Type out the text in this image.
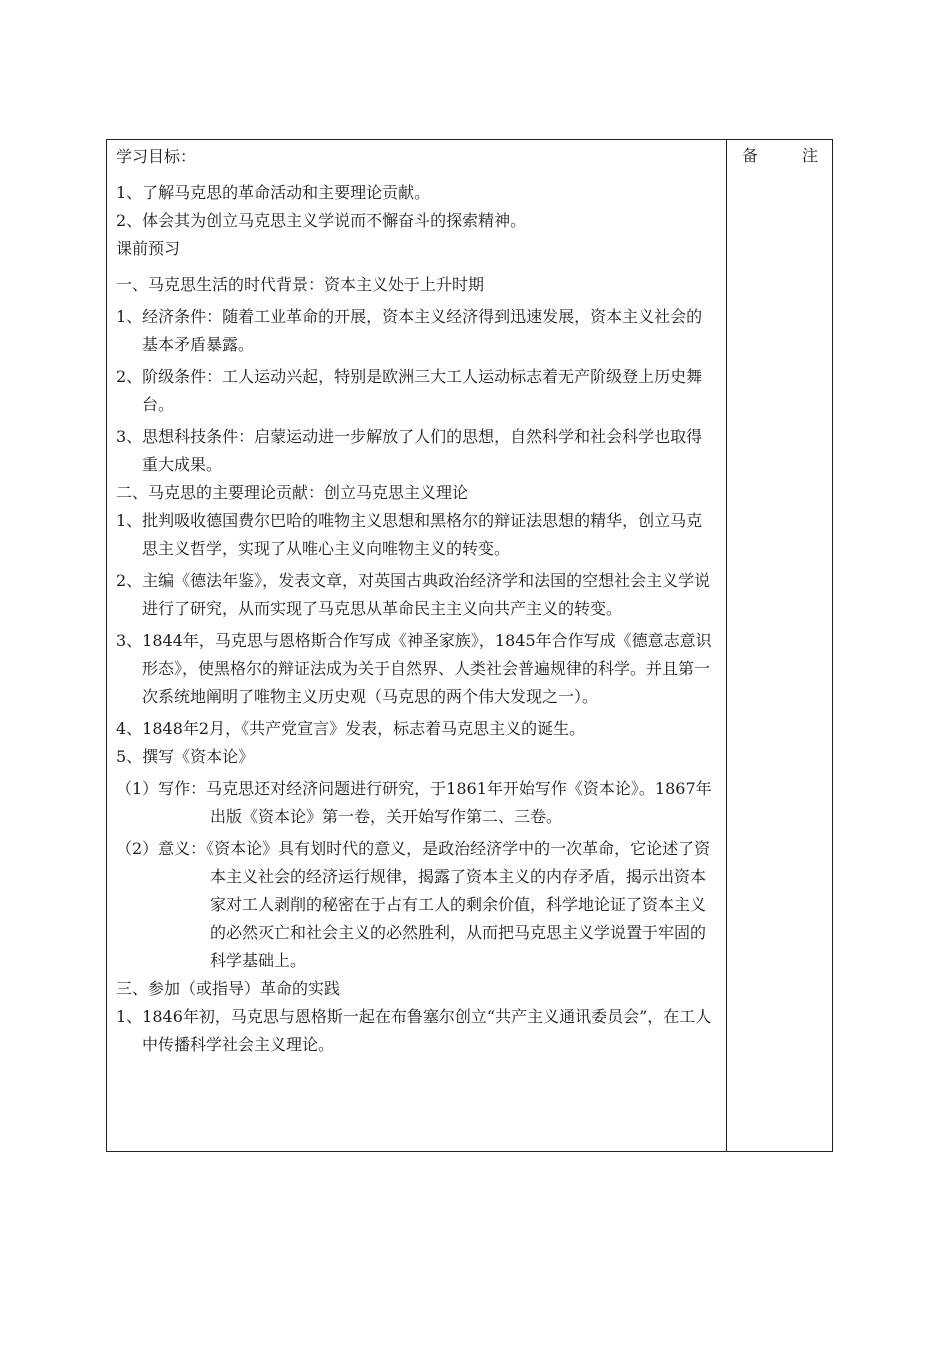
备　注
学习目标：
1、了解马克思的革命活动和主要理论贡献。
2、体会其为创立马克思主义学说而不懈奋斗的探索精神。
课前预习
一、马克思生活的时代背景：资本主义处于上升时期
1、经济条件：随着工业革命的开展，资本主义经济得到迅速发展，资本主义社会的基本矛盾暴露。
2、阶级条件：工人运动兴起，特别是欧洲三大工人运动标志着无产阶级登上历史舞台。
3、思想科技条件：启蒙运动进一步解放了人们的思想，自然科学和社会科学也取得重大成果。
二、马克思的主要理论贡献：创立马克思主义理论
1、批判吸收德国费尔巴哈的唯物主义思想和黑格尔的辩证法思想的精华，创立马克思主义哲学，实现了从唯心主义向唯物主义的转变。
2、主编《德法年鉴》，发表文章，对英国古典政治经济学和法国的空想社会主义学说进行了研究，从而实现了马克思从革命民主主义向共产主义的转变。
3、1844年，马克思与恩格斯合作写成《神圣家族》，1845年合作写成《德意志意识形态》，使黑格尔的辩证法成为关于自然界、人类社会普遍规律的科学。并且第一次系统地阐明了唯物主义历史观（马克思的两个伟大发现之一）。
4、1848年2月，《共产党宣言》发表，标志着马克思主义的诞生。
5、撰写《资本论》
（1）写作：马克思还对经济问题进行研究，于1861年开始写作《资本论》。1867年出版《资本论》第一卷，关开始写作第二、三卷。
（2）意义：《资本论》具有划时代的意义，是政治经济学中的一次革命，它论述了资本主义社会的经济运行规律，揭露了资本主义的内存矛盾，揭示出资本家对工人剥削的秘密在于占有工人的剩余价值，科学地论证了资本主义的必然灭亡和社会主义的必然胜利，从而把马克思主义学说置于牢固的科学基础上。
三、参加（或指导）革命的实践
1、1846年初，马克思与恩格斯一起在布鲁塞尔创立“共产主义通讯委员会”，在工人中传播科学社会主义理论。
